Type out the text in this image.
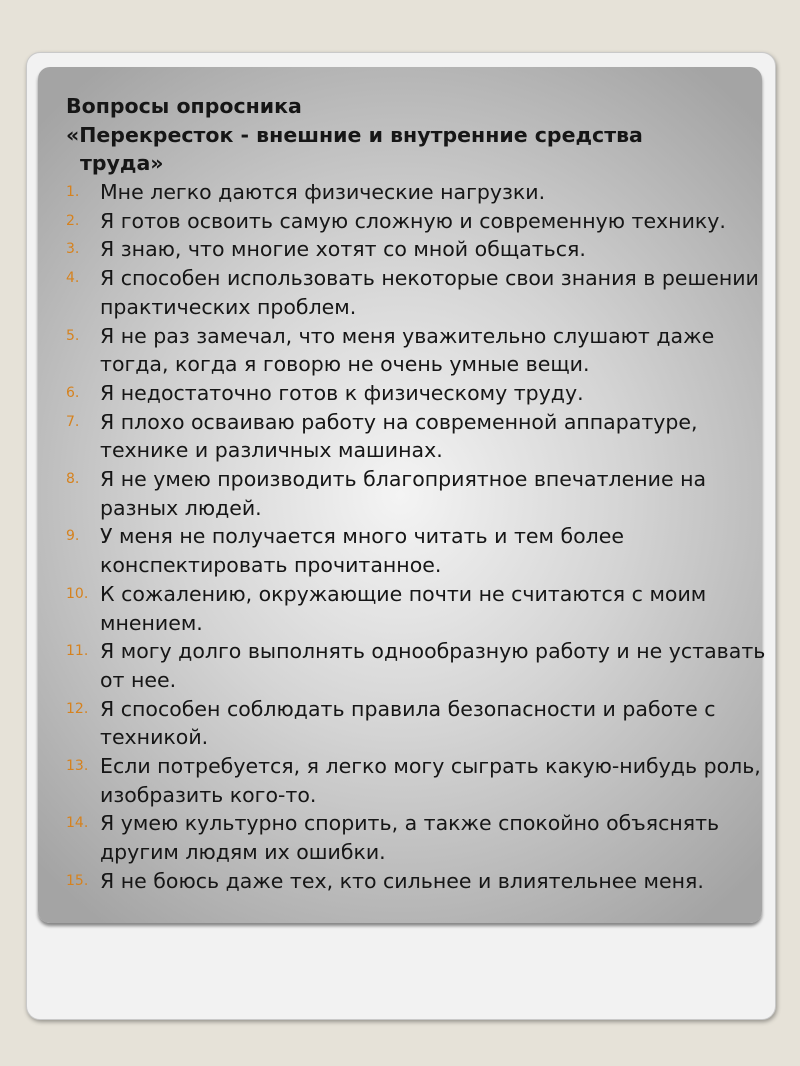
Вопросы опросника

«Перекресток - внешние и внутренние средства
труда»

1. Мне легко даются физические нагрузки.
2. Я готов освоить самую сложную и современную технику.
3. Я знаю, что многие хотят со мной общаться.
4. Я способен использовать некоторые свои знания в решении практических проблем.
5. Я не раз замечал, что меня уважительно слушают даже тогда, когда я говорю не очень умные вещи.
6. Я недостаточно готов к физическому труду.
7. Я плохо осваиваю работу на современной аппаратуре, технике и различных машинах.
8. Я не умею производить благоприятное впечатление на разных людей.
9. У меня не получается много читать и тем более конспектировать прочитанное.
10. К сожалению, окружающие почти не считаются с моим мнением.
11. Я могу долго выполнять однообразную работу и не уставать от нее.
12. Я способен соблюдать правила безопасности и работе с техникой.
13. Если потребуется, я легко могу сыграть какую-нибудь роль, изобразить кого-то.
14. Я умею культурно спорить, а также спокойно объяснять другим людям их ошибки.
15. Я не боюсь даже тех, кто сильнее и влиятельнее меня.
